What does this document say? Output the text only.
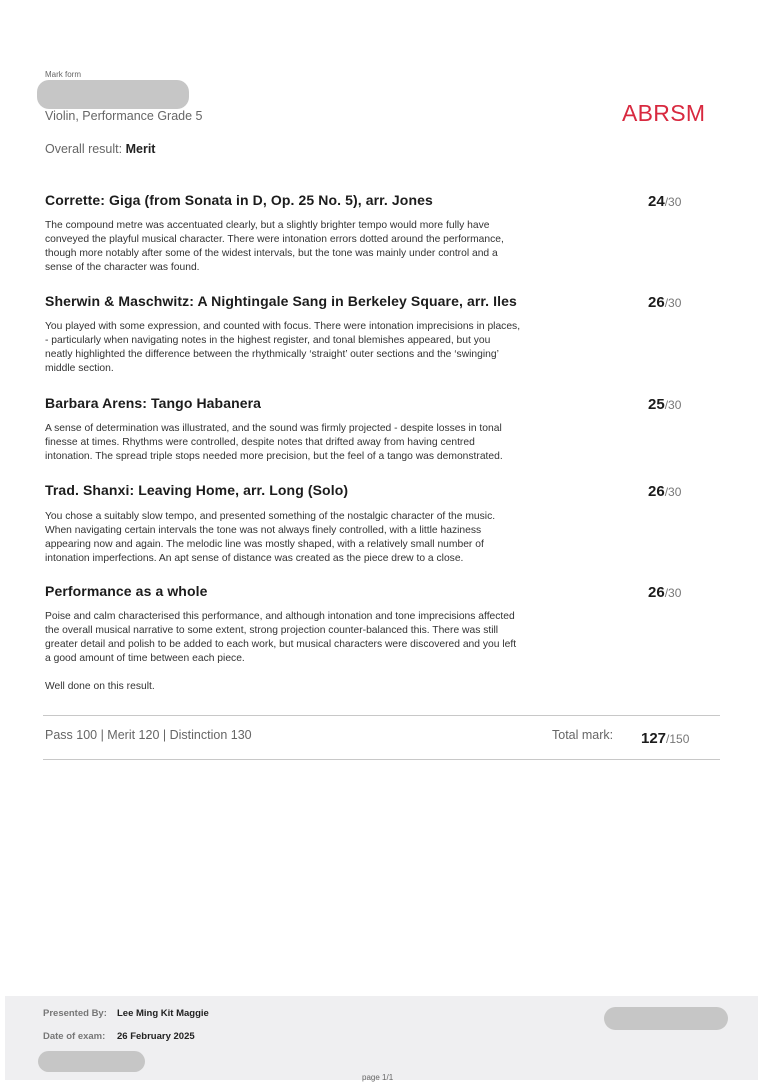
Mark form
Violin, Performance Grade 5	ABRSM
Overall result: Merit
Corrette: Giga (from Sonata in D, Op. 25 No. 5), arr. Jones	24/30
The compound metre was accentuated clearly, but a slightly brighter tempo would more fully have
conveyed the playful musical character. There were intonation errors dotted around the performance,
though more notably after some of the widest intervals, but the tone was mainly under control and a
sense of the character was found.
Sherwin & Maschwitz: A Nightingale Sang in Berkeley Square, arr. Iles	26/30
You played with some expression, and counted with focus. There were intonation imprecisions in places,
- particularly when navigating notes in the highest register, and tonal blemishes appeared, but you
neatly highlighted the difference between the rhythmically ‘straight’ outer sections and the ‘swinging’
middle section.
Barbara Arens: Tango Habanera	25/30
A sense of determination was illustrated, and the sound was firmly projected - despite losses in tonal
finesse at times. Rhythms were controlled, despite notes that drifted away from having centred
intonation. The spread triple stops needed more precision, but the feel of a tango was demonstrated.
Trad. Shanxi: Leaving Home, arr. Long (Solo)	26/30
You chose a suitably slow tempo, and presented something of the nostalgic character of the music.
When navigating certain intervals the tone was not always finely controlled, with a little haziness
appearing now and again. The melodic line was mostly shaped, with a relatively small number of
intonation imperfections. An apt sense of distance was created as the piece drew to a close.
Performance as a whole	26/30
Poise and calm characterised this performance, and although intonation and tone imprecisions affected
the overall musical narrative to some extent, strong projection counter-balanced this. There was still
greater detail and polish to be added to each work, but musical characters were discovered and you left
a good amount of time between each piece.
Well done on this result.
Pass 100 | Merit 120 | Distinction 130	Total mark: 127/150
Presented By: Lee Ming Kit Maggie
Date of exam: 26 February 2025
page 1/1
